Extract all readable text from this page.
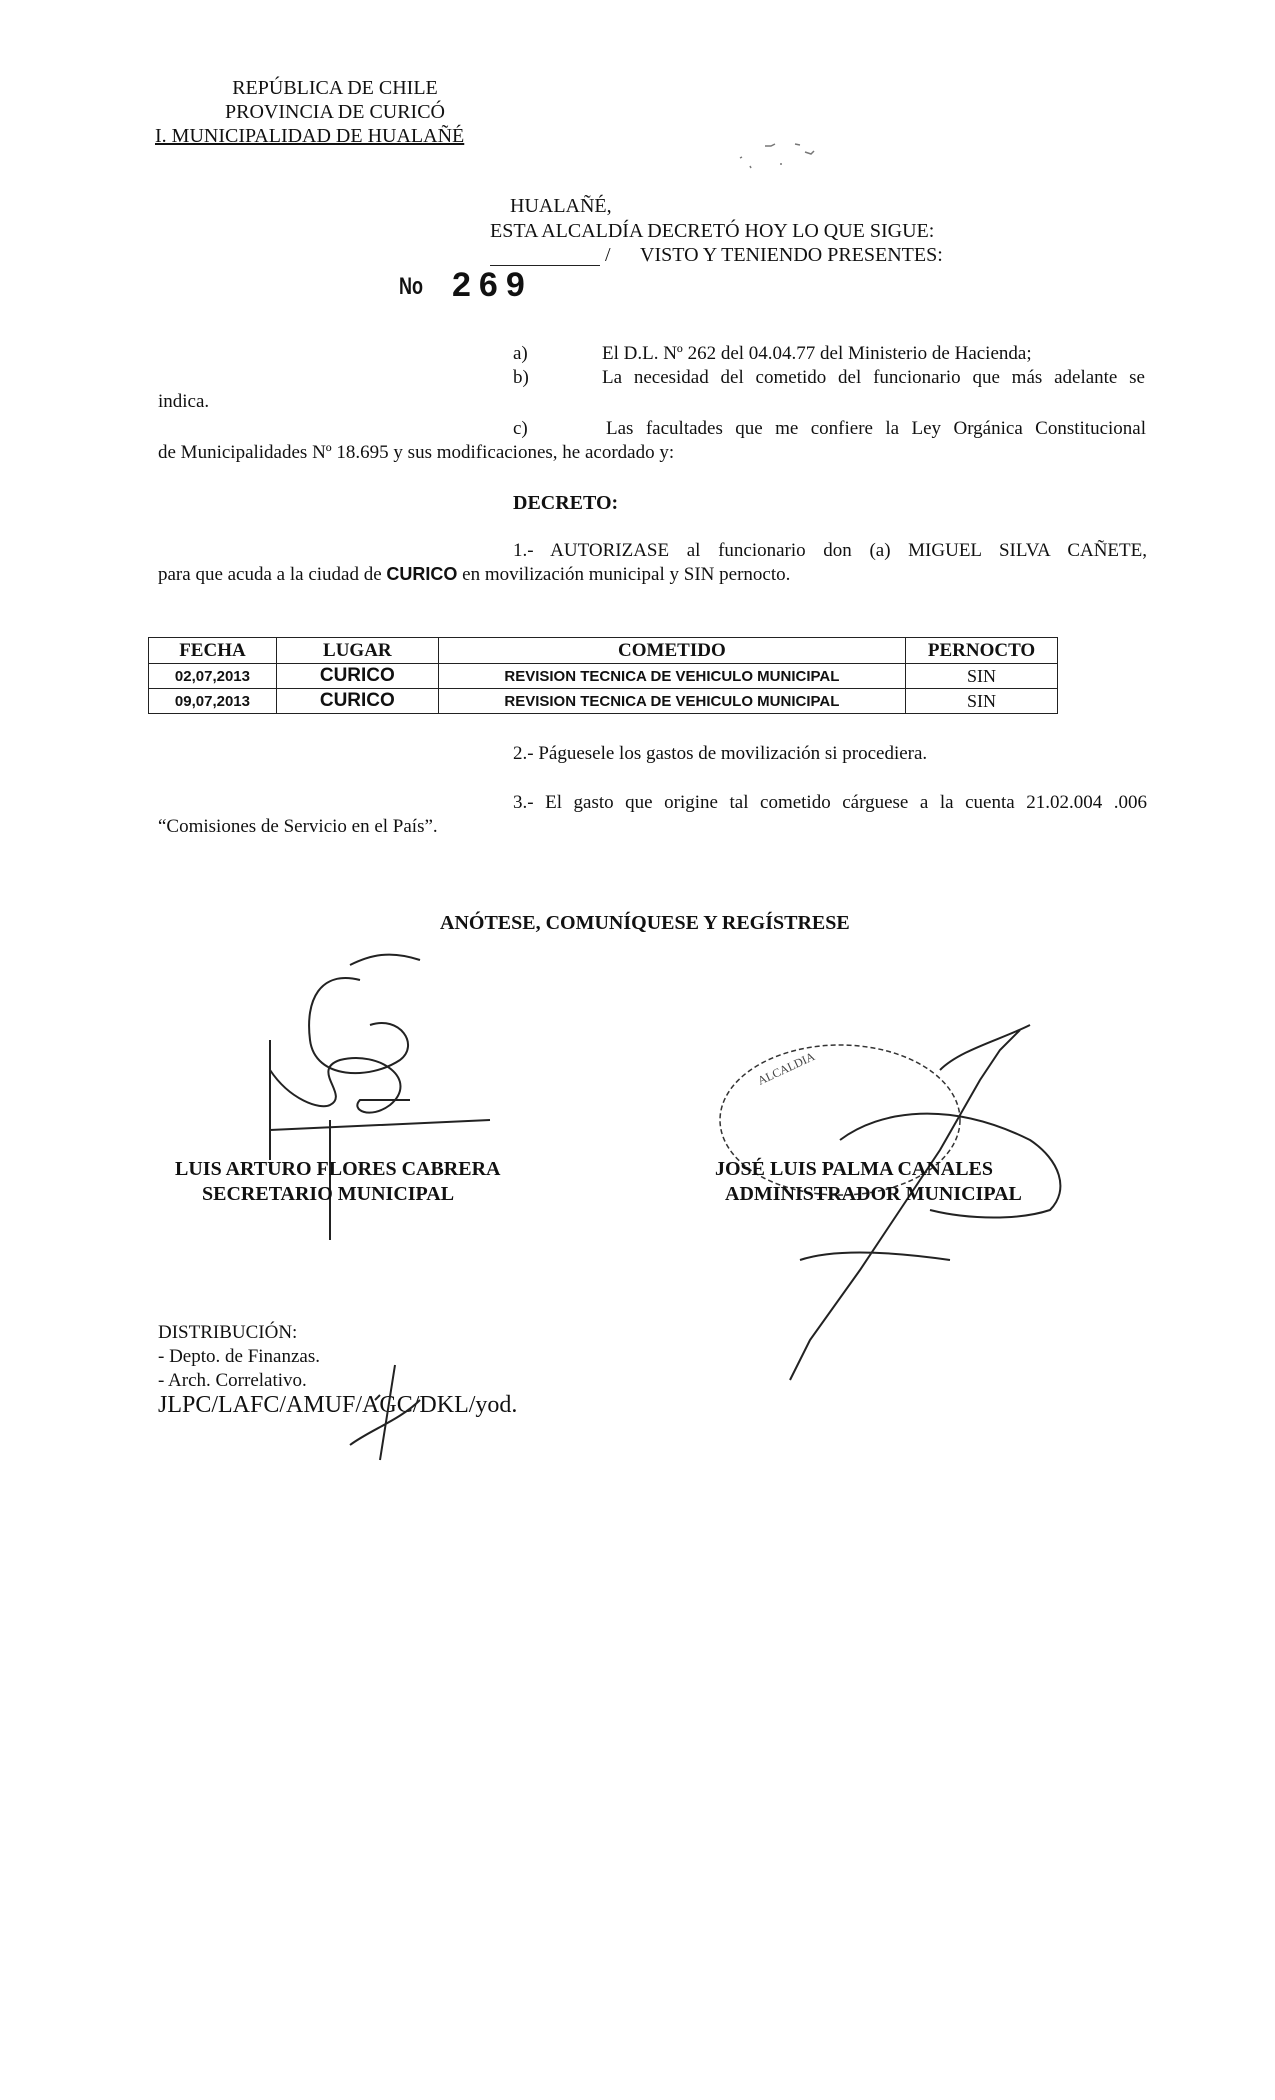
REPÚBLICA DE CHILE
PROVINCIA DE CURICÓ
I. MUNICIPALIDAD DE HUALAÑÉ
HUALAÑÉ,
ESTA ALCALDÍA DECRETÓ HOY LO QUE SIGUE:
/ VISTO Y TENIENDO PRESENTES:
No 269
a)	El D.L. Nº 262 del 04.04.77 del Ministerio de Hacienda;
b)	La necesidad del cometido del funcionario que más adelante se
indica.
c)	Las facultades que me confiere la Ley Orgánica Constitucional
de Municipalidades Nº 18.695 y sus modificaciones, he acordado y:
DECRETO:
1.- AUTORIZASE al funcionario don (a) MIGUEL SILVA CAÑETE,
para que acuda a la ciudad de CURICO en movilización municipal y SIN pernocto.
FECHA	LUGAR	COMETIDO	PERNOCTO
02,07,2013	CURICO	REVISION TECNICA DE VEHICULO MUNICIPAL	SIN
09,07,2013	CURICO	REVISION TECNICA DE VEHICULO MUNICIPAL	SIN
2.- Páguesele los gastos de movilización si procediera.
3.- El gasto que origine tal cometido cárguese a la cuenta 21.02.004 .006
“Comisiones de Servicio en el País”.
ANÓTESE, COMUNÍQUESE Y REGÍSTRESE
LUIS ARTURO FLORES CABRERA
SECRETARIO MUNICIPAL
ALCALDIA
JOSÉ LUIS PALMA CANALES
ADMINISTRADOR MUNICIPAL
DISTRIBUCIÓN:
- Depto. de Finanzas.
- Arch. Correlativo.
JLPC/LAFC/AMUF/AGC/DKL/yod.
